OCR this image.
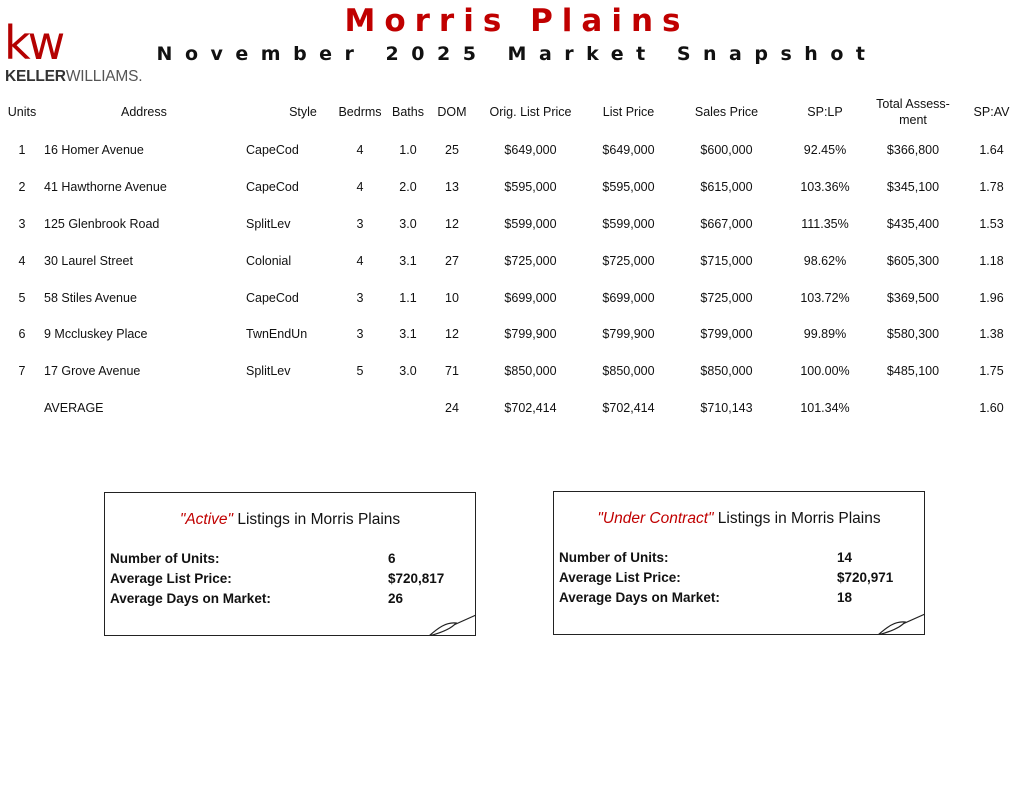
kw
KELLERWILLIAMS.
Morris Plains
November 2025 Market Snapshot
Units	Address	Style	Bedrms	Baths	DOM	Orig. List Price	List Price	Sales Price	SP:LP	Total Assess-ment	SP:AV
1	16 Homer Avenue	CapeCod	4	1.0	25	$649,000	$649,000	$600,000	92.45%	$366,800	1.64
2	41 Hawthorne Avenue	CapeCod	4	2.0	13	$595,000	$595,000	$615,000	103.36%	$345,100	1.78
3	125 Glenbrook Road	SplitLev	3	3.0	12	$599,000	$599,000	$667,000	111.35%	$435,400	1.53
4	30 Laurel Street	Colonial	4	3.1	27	$725,000	$725,000	$715,000	98.62%	$605,300	1.18
5	58 Stiles Avenue	CapeCod	3	1.1	10	$699,000	$699,000	$725,000	103.72%	$369,500	1.96
6	9 Mccluskey Place	TwnEndUn	3	3.1	12	$799,900	$799,900	$799,000	99.89%	$580,300	1.38
7	17 Grove Avenue	SplitLev	5	3.0	71	$850,000	$850,000	$850,000	100.00%	$485,100	1.75
	AVERAGE				24	$702,414	$702,414	$710,143	101.34%		1.60
"Active" Listings in Morris Plains
Number of Units:	6
Average List Price:	$720,817
Average Days on Market:	26
"Under Contract" Listings in Morris Plains
Number of Units:	14
Average List Price:	$720,971
Average Days on Market:	18
